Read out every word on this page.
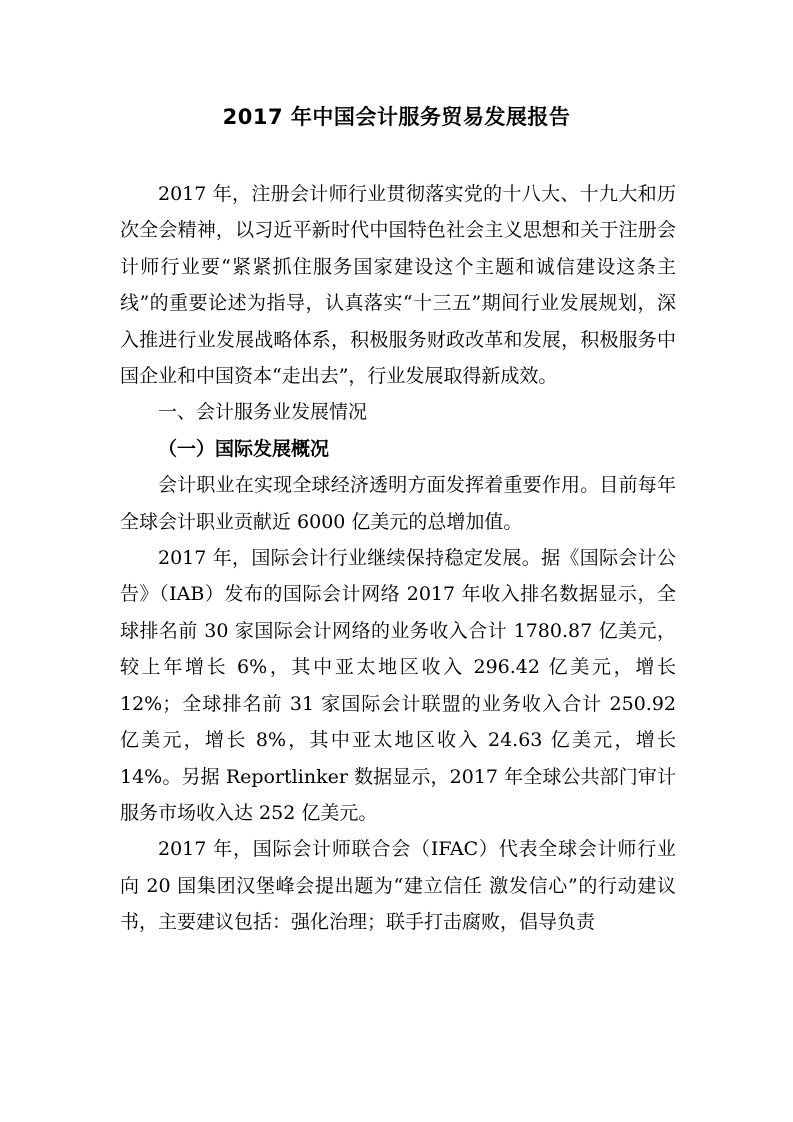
2017 年中国会计服务贸易发展报告

2017 年，注册会计师行业贯彻落实党的十八大、十九大和历次全会精神，以习近平新时代中国特色社会主义思想和关于注册会计师行业要“紧紧抓住服务国家建设这个主题和诚信建设这条主线”的重要论述为指导，认真落实“十三五”期间行业发展规划，深入推进行业发展战略体系，积极服务财政改革和发展，积极服务中国企业和中国资本“走出去”，行业发展取得新成效。

一、会计服务业发展情况

（一）国际发展概况

会计职业在实现全球经济透明方面发挥着重要作用。目前每年全球会计职业贡献近 6000 亿美元的总增加值。

2017 年，国际会计行业继续保持稳定发展。据《国际会计公告》（IAB）发布的国际会计网络 2017 年收入排名数据显示，全球排名前 30 家国际会计网络的业务收入合计 1780.87 亿美元，较上年增长 6%，其中亚太地区收入 296.42 亿美元，增长 12%；全球排名前 31 家国际会计联盟的业务收入合计 250.92 亿美元，增长 8%，其中亚太地区收入 24.63 亿美元，增长 14%。另据 Reportlinker 数据显示，2017 年全球公共部门审计服务市场收入达 252 亿美元。

2017 年，国际会计师联合会（IFAC）代表全球会计师行业向 20 国集团汉堡峰会提出题为“建立信任 激发信心”的行动建议书，主要建议包括：强化治理；联手打击腐败，倡导负责
